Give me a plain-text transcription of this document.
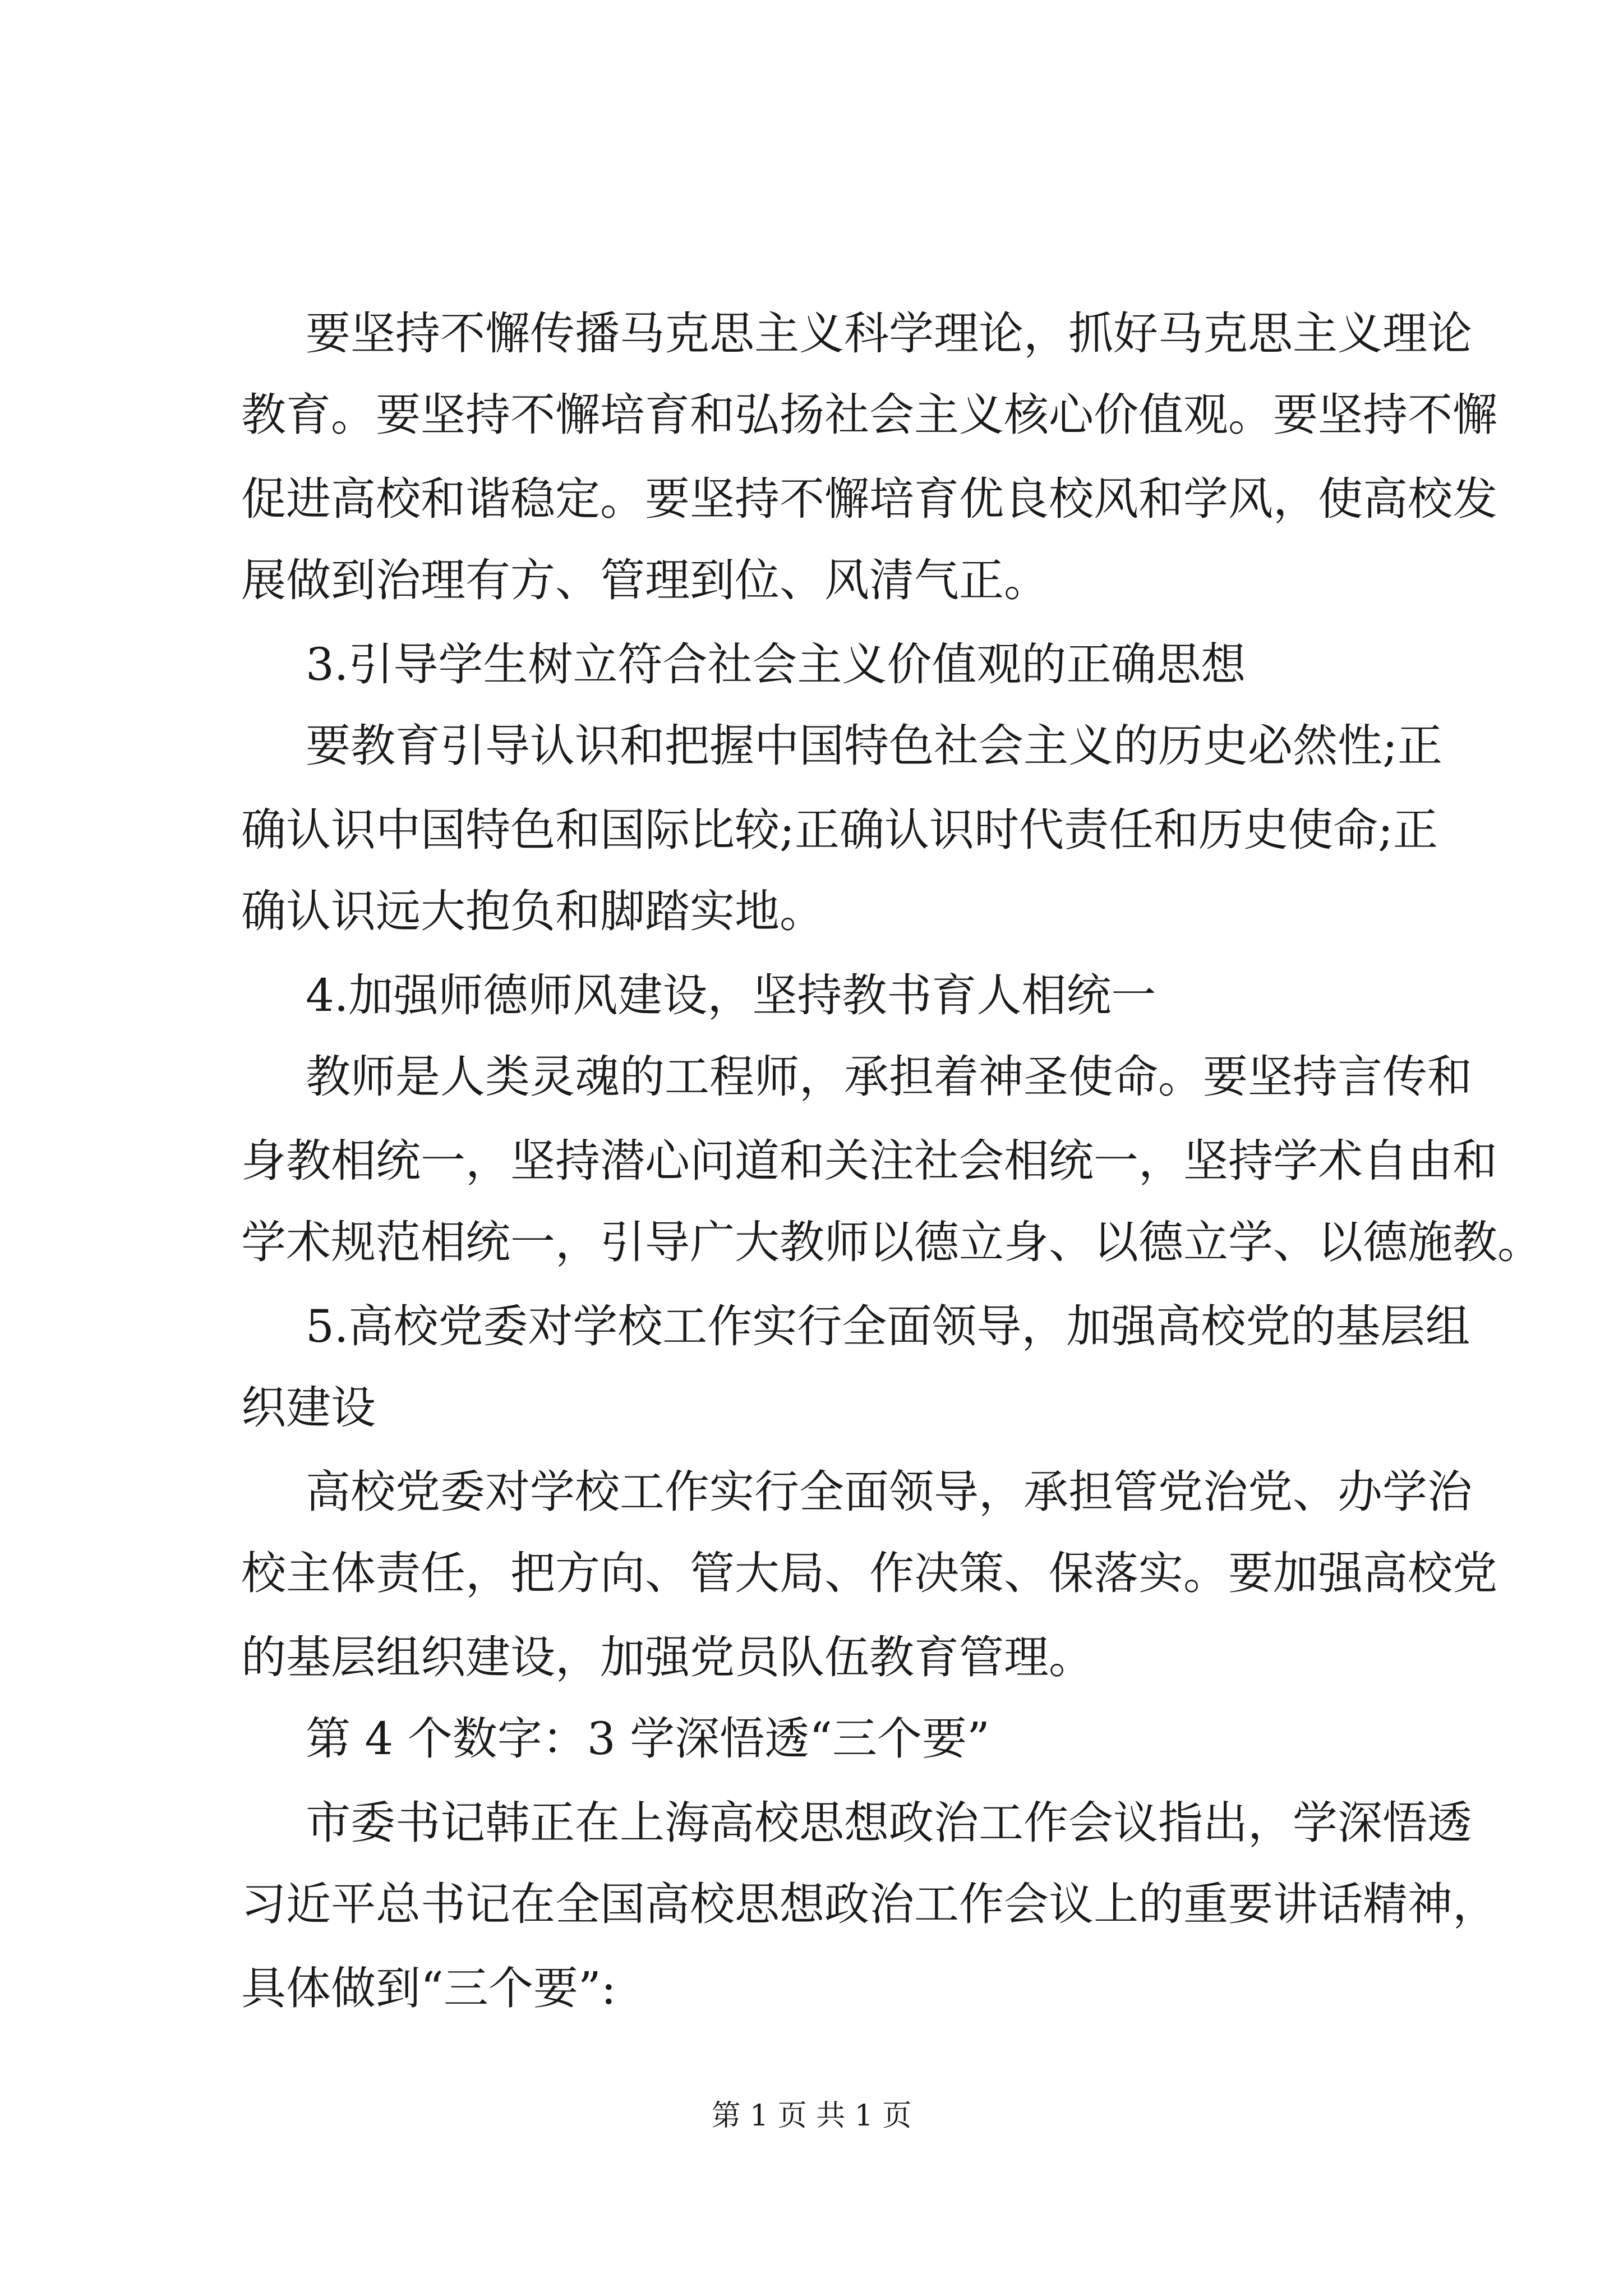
要坚持不懈传播马克思主义科学理论，抓好马克思主义理论

教育。要坚持不懈培育和弘扬社会主义核心价值观。要坚持不懈

促进高校和谐稳定。要坚持不懈培育优良校风和学风，使高校发

展做到治理有方、管理到位、风清气正。

3.引导学生树立符合社会主义价值观的正确思想

要教育引导认识和把握中国特色社会主义的历史必然性;正

确认识中国特色和国际比较;正确认识时代责任和历史使命;正

确认识远大抱负和脚踏实地。

4.加强师德师风建设，坚持教书育人相统一

教师是人类灵魂的工程师，承担着神圣使命。要坚持言传和

身教相统一，坚持潜心问道和关注社会相统一，坚持学术自由和

学术规范相统一，引导广大教师以德立身、以德立学、以德施教。

5.高校党委对学校工作实行全面领导，加强高校党的基层组

织建设

高校党委对学校工作实行全面领导，承担管党治党、办学治

校主体责任，把方向、管大局、作决策、保落实。要加强高校党

的基层组织建设，加强党员队伍教育管理。

第 4 个数字：3 学深悟透“三个要”

市委书记韩正在上海高校思想政治工作会议指出，学深悟透

习近平总书记在全国高校思想政治工作会议上的重要讲话精神，

具体做到“三个要”:

第 1 页 共 1 页
